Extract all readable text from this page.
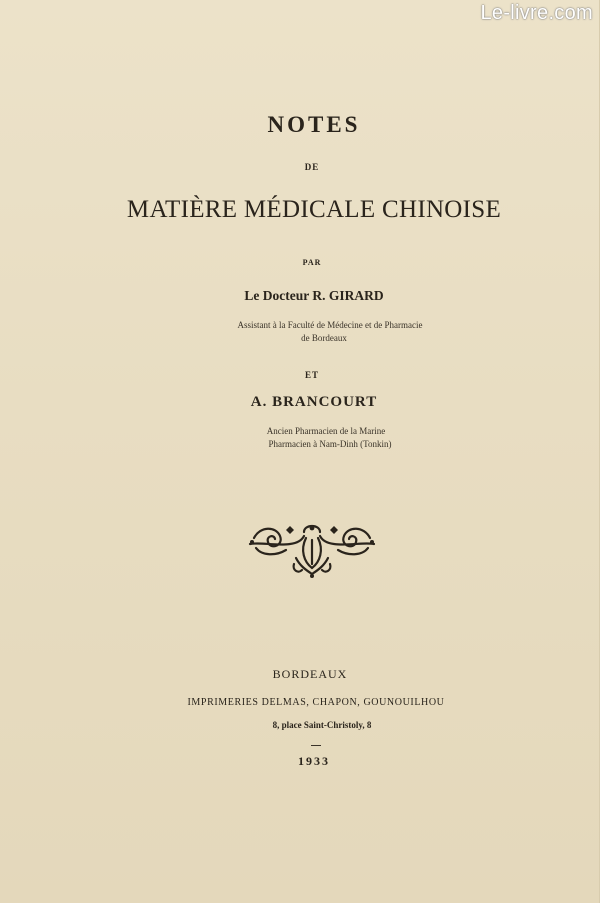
Le-livre.com
NOTES
DE
MATIÈRE MÉDICALE CHINOISE
PAR
Le Docteur R. GIRARD
Assistant à la Faculté de Médecine et de Pharmacie
de Bordeaux
ET
A. BRANCOURT
Ancien Pharmacien de la Marine
Pharmacien à Nam-Dinh (Tonkin)
BORDEAUX
IMPRIMERIES DELMAS, CHAPON, GOUNOUILHOU
8, place Saint-Christoly, 8
1933
